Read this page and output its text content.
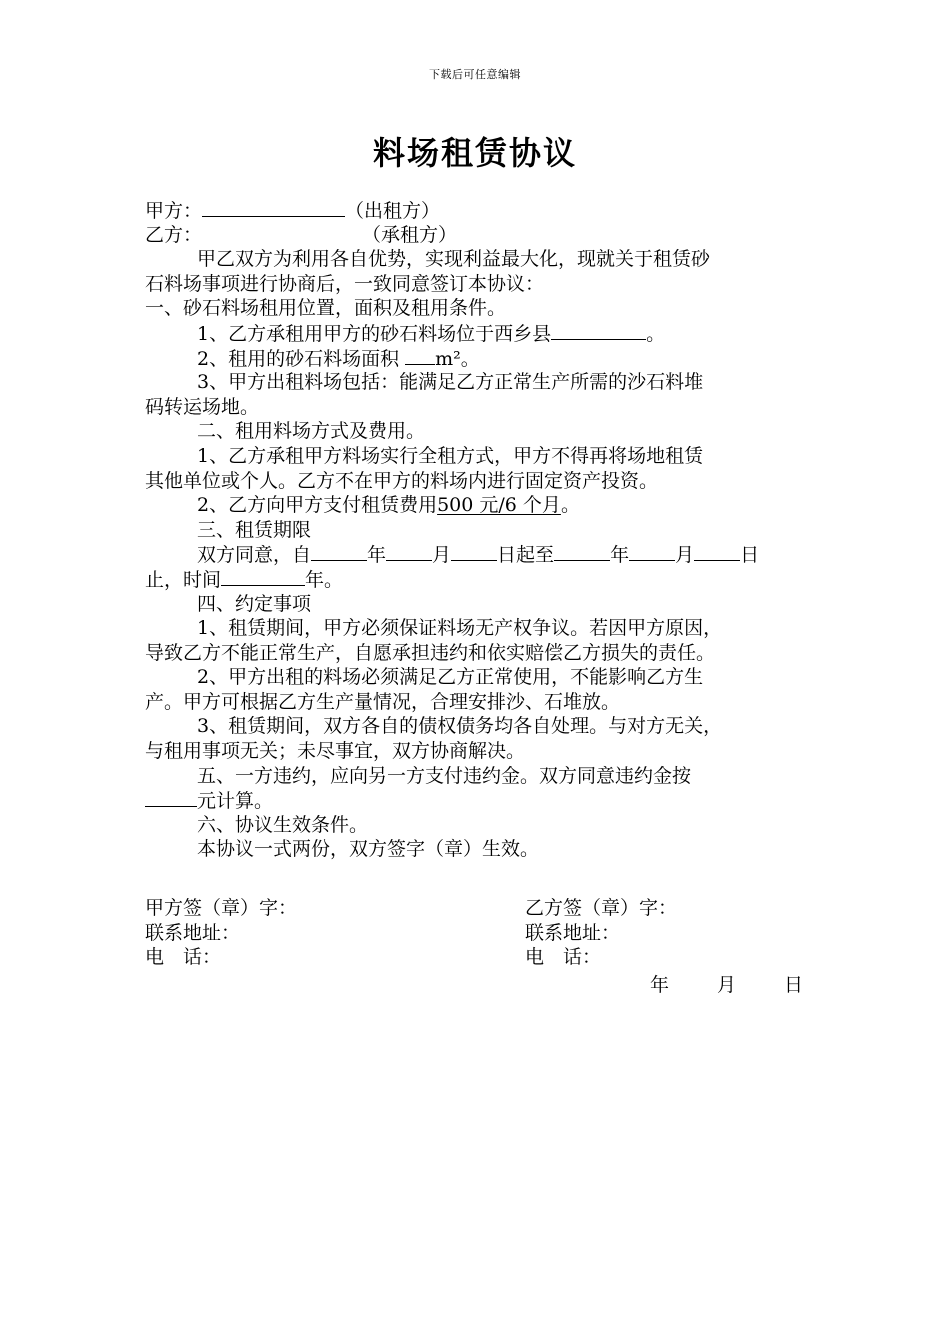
下载后可任意编辑
料场租赁协议
甲方：	（出租方）
乙方：	（承租方）
甲乙双方为利用各自优势，实现利益最大化，现就关于租赁砂
石料场事项进行协商后，一致同意签订本协议：
一、砂石料场租用位置，面积及租用条件。
1、乙方承租用甲方的砂石料场位于西乡县	。
2、租用的砂石料场面积 m²。
3、甲方出租料场包括：能满足乙方正常生产所需的沙石料堆
码转运场地。
二、租用料场方式及费用。
1、乙方承租甲方料场实行全租方式，甲方不得再将场地租赁
其他单位或个人。乙方不在甲方的料场内进行固定资产投资。
2、乙方向甲方支付租赁费用500 元/6 个月。
三、租赁期限
双方同意，自	年 月 日起至	年 月 日
止，时间	年。
四、约定事项
1、租赁期间，甲方必须保证料场无产权争议。若因甲方原因，
导致乙方不能正常生产，自愿承担违约和依实赔偿乙方损失的责任。
2、甲方出租的料场必须满足乙方正常使用，不能影响乙方生
产。甲方可根据乙方生产量情况，合理安排沙、石堆放。
3、租赁期间，双方各自的债权债务均各自处理。与对方无关，
与租用事项无关；未尽事宜，双方协商解决。
五、一方违约，应向另一方支付违约金。双方同意违约金按
元计算。
六、协议生效条件。
本协议一式两份，双方签字（章）生效。
甲方签（章）字：	乙方签（章）字：
联系地址：	联系地址：
电　话：	电　话：
年	月	日
